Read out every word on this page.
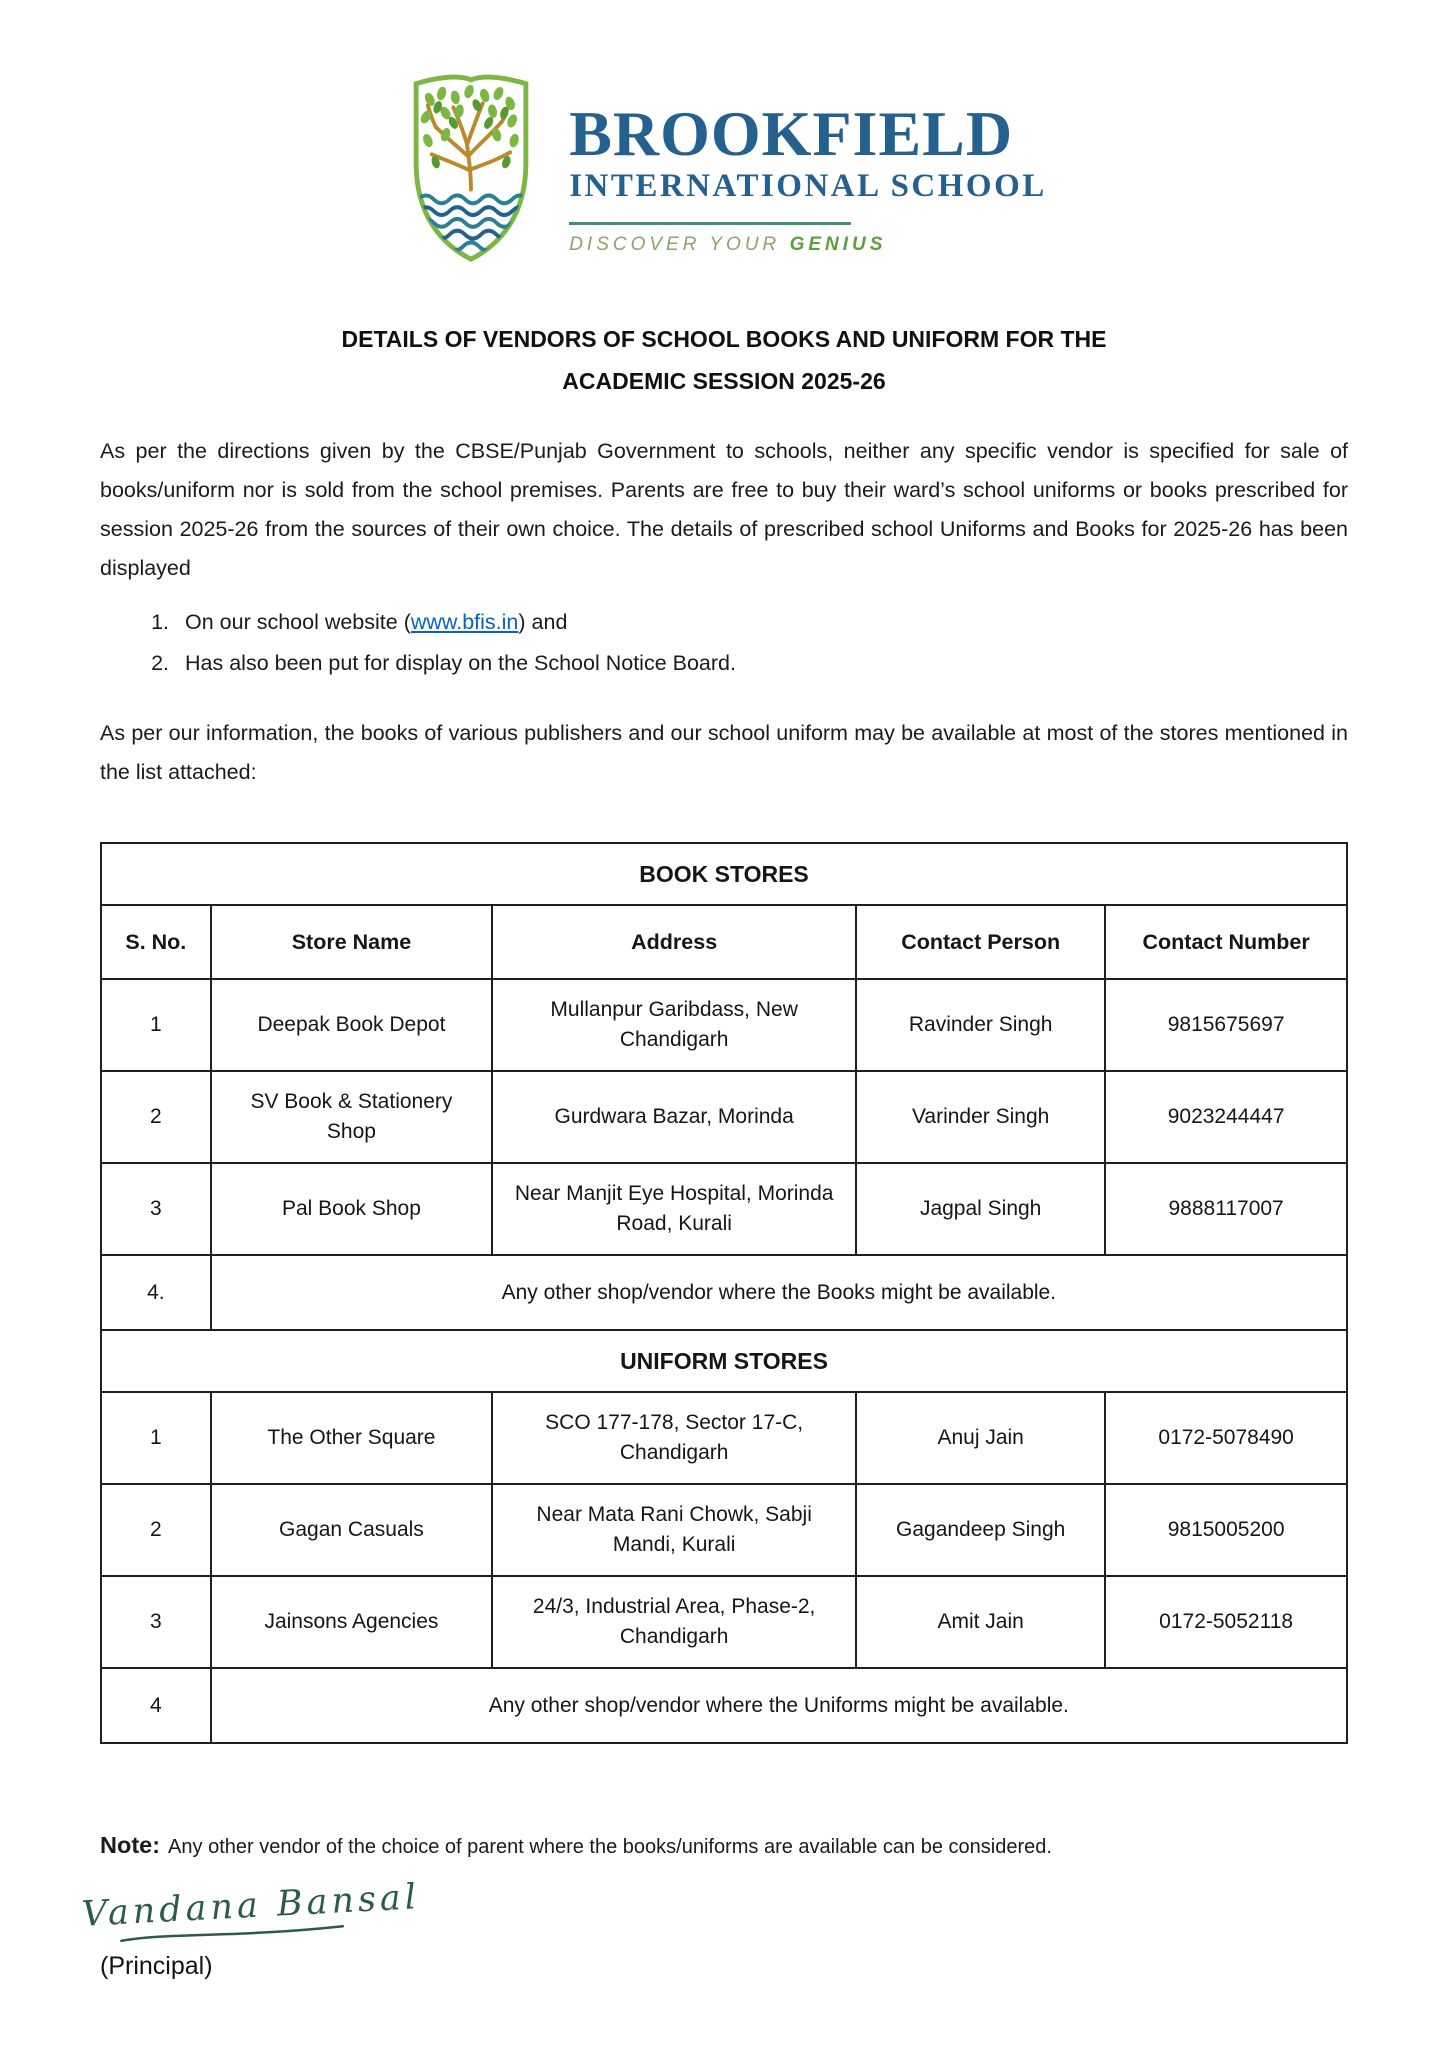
BROOKFIELD
INTERNATIONAL SCHOOL
DISCOVER YOUR GENIUS
DETAILS OF VENDORS OF SCHOOL BOOKS AND UNIFORM FOR THE
ACADEMIC SESSION 2025-26

As per the directions given by the CBSE/Punjab Government to schools, neither any specific vendor is specified for sale of books/uniform nor is sold from the school premises. Parents are free to buy their ward’s school uniforms or books prescribed for session 2025-26 from the sources of their own choice. The details of prescribed school Uniforms and Books for 2025-26 has been displayed

1. On our school website (www.bfis.in) and
2. Has also been put for display on the School Notice Board.

As per our information, the books of various publishers and our school uniform may be available at most of the stores mentioned in the list attached:

BOOK STORES				
S. No.	Store Name	Address	Contact Person	Contact Number
1	Deepak Book Depot	Mullanpur Garibdass, New Chandigarh	Ravinder Singh	9815675697
2	SV Book & Stationery Shop	Gurdwara Bazar, Morinda	Varinder Singh	9023244447
3	Pal Book Shop	Near Manjit Eye Hospital, Morinda Road, Kurali	Jagpal Singh	9888117007
4.	Any other shop/vendor where the Books might be available.			
UNIFORM STORES				
1	The Other Square	SCO 177-178, Sector 17-C, Chandigarh	Anuj Jain	0172-5078490
2	Gagan Casuals	Near Mata Rani Chowk, Sabji Mandi, Kurali	Gagandeep Singh	9815005200
3	Jainsons Agencies	24/3, Industrial Area, Phase-2, Chandigarh	Amit Jain	0172-5052118
4	Any other shop/vendor where the Uniforms might be available.			

Note: Any other vendor of the choice of parent where the books/uniforms are available can be considered.

Vandana Bansal
(Principal)
